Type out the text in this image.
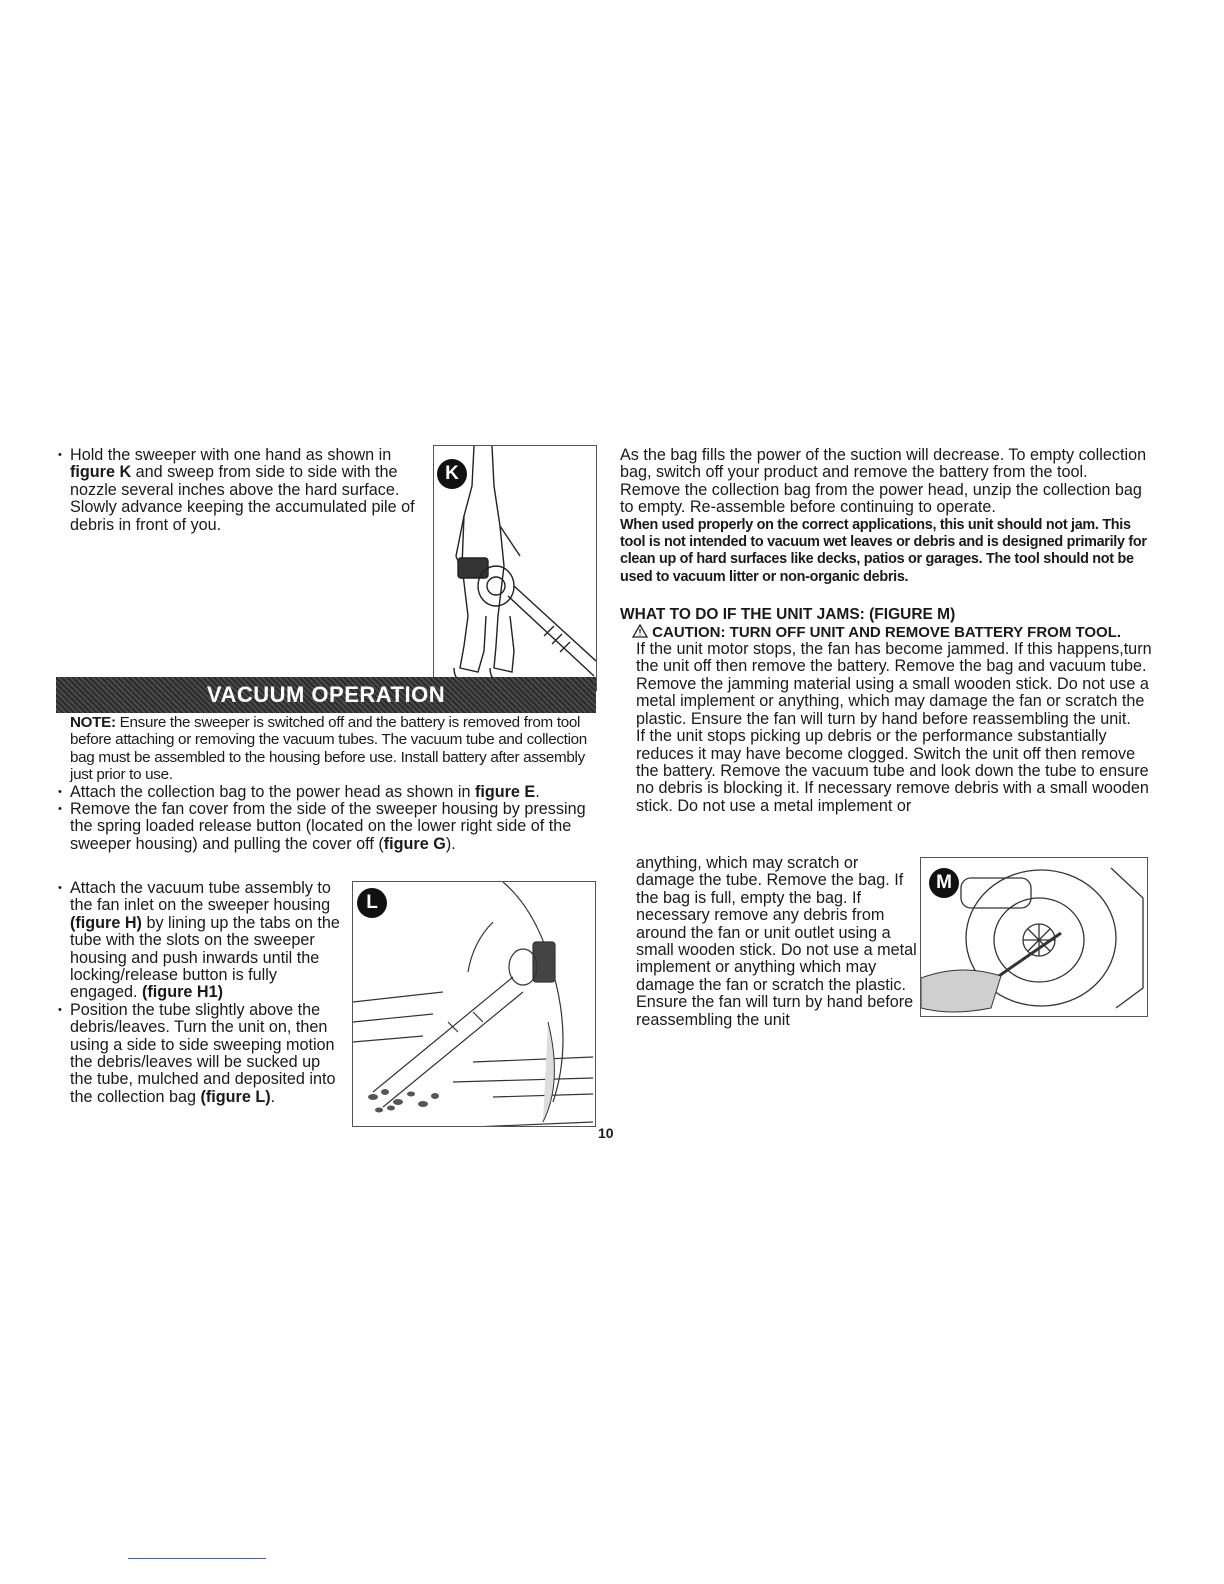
• Hold the sweeper with one hand as shown in figure K and sweep from side to side with the nozzle several inches above the hard surface. Slowly advance keeping the accumulated pile of debris in front of you.

K
VACUUM OPERATION

NOTE: Ensure the sweeper is switched off and the battery is removed from tool before attaching or removing the vacuum tubes. The vacuum tube and collection bag must be assembled to the housing before use. Install battery after assembly just prior to use.

• Attach the collection bag to the power head as shown in figure E.

• Remove the fan cover from the side of the sweeper housing by pressing the spring loaded release button (located on the lower right side of the sweeper housing) and pulling the cover off (figure G).

• Attach the vacuum tube assembly to the fan inlet on the sweeper housing (figure H) by lining up the tabs on the tube with the slots on the sweeper housing and push inwards until the locking/release button is fully engaged. (figure H1)

• Position the tube slightly above the debris/leaves. Turn the unit on, then using a side to side sweeping motion the debris/leaves will be sucked up the tube, mulched and deposited into the collection bag (figure L).

L
10

As the bag fills the power of the suction will decrease. To empty collection bag, switch off your product and remove the battery from the tool. Remove the collection bag from the power head, unzip the collection bag to empty. Re-assemble before continuing to operate.

When used properly on the correct applications, this unit should not jam. This tool is not intended to vacuum wet leaves or debris and is designed primarily for clean up of hard surfaces like decks, patios or garages. The tool should not be used to vacuum litter or non-organic debris.

WHAT TO DO IF THE UNIT JAMS: (FIGURE M)

CAUTION: TURN OFF UNIT AND REMOVE BATTERY FROM TOOL.

If the unit motor stops, the fan has become jammed. If this happens,turn the unit off then remove the battery. Remove the bag and vacuum tube. Remove the jamming material using a small wooden stick. Do not use a metal implement or anything, which may damage the fan or scratch the plastic. Ensure the fan will turn by hand before reassembling the unit.

If the unit stops picking up debris or the performance substantially reduces it may have become clogged. Switch the unit off then remove the battery. Remove the vacuum tube and look down the tube to ensure no debris is blocking it. If necessary remove debris with a small wooden stick. Do not use a metal implement or

anything, which may scratch or damage the tube. Remove the bag. If the bag is full, empty the bag. If necessary remove any debris from around the fan or unit outlet using a small wooden stick. Do not use a metal implement or anything which may damage the fan or scratch the plastic. Ensure the fan will turn by hand before reassembling the unit

M
